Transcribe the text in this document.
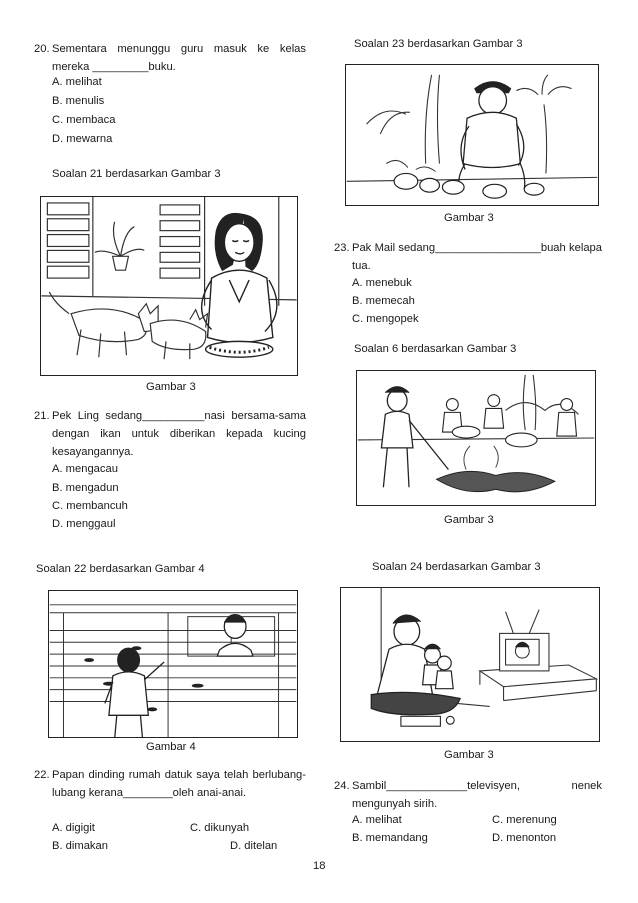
20. Sementara menunggu guru masuk ke kelas mereka _________buku.
A. melihat
B. menulis
C. membaca
D. mewarna
Soalan 21 berdasarkan Gambar 3
Gambar 3
21. Pek Ling sedang__________nasi bersama-sama dengan ikan untuk diberikan kepada kucing kesayangannya.
A. mengacau
B. mengadun
C. membancuh
D. menggaul
Soalan 22 berdasarkan Gambar 4
Gambar 4
22. Papan dinding rumah datuk saya telah berlubang-lubang kerana________oleh anai-anai.
A. digigit	C. dikunyah
B. dimakan	D. ditelan
Soalan 23 berdasarkan Gambar 3
Gambar 3
23. Pak Mail sedang_________________buah kelapa tua.
A. menebuk
B. memecah
C. mengopek
Soalan 6 berdasarkan Gambar 3
Gambar 3
Soalan 24 berdasarkan Gambar 3
Gambar 3
24. Sambil_____________televisyen, nenek mengunyah sirih.
A. melihat	C. merenung
B. memandang	D. menonton
18
